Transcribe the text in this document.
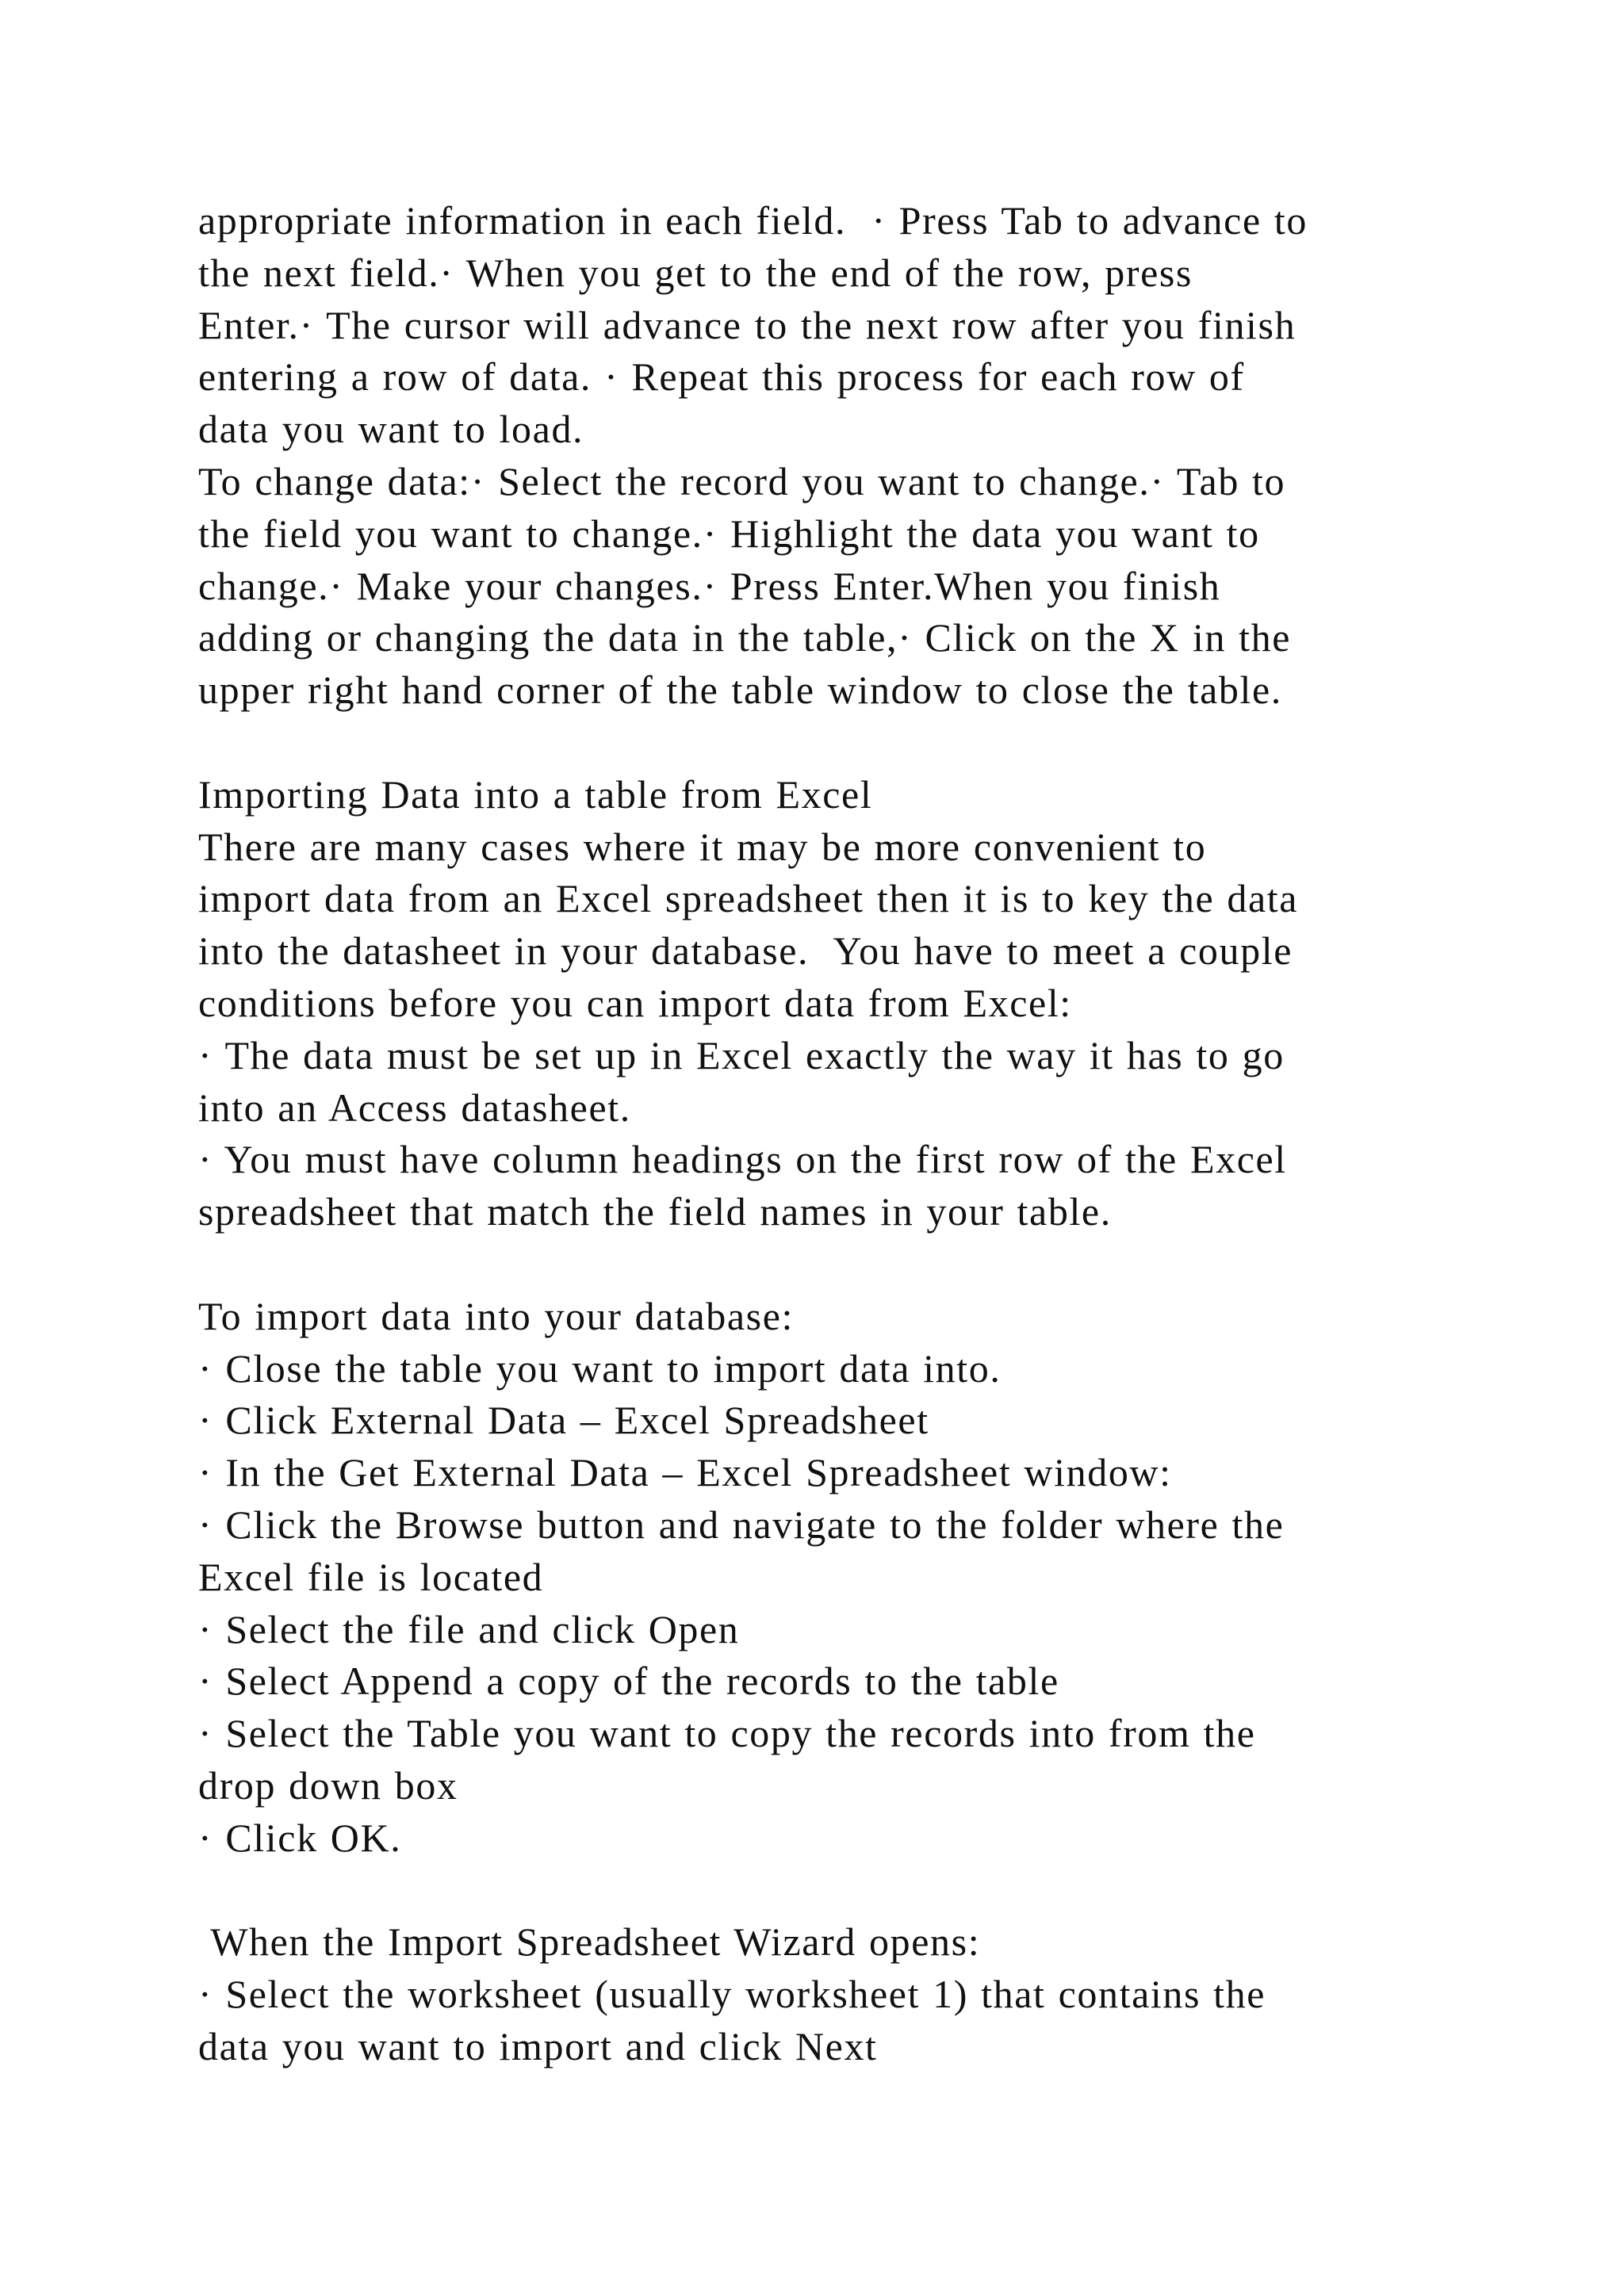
appropriate information in each field.  · Press Tab to advance to
the next field.· When you get to the end of the row, press
Enter.· The cursor will advance to the next row after you finish
entering a row of data. · Repeat this process for each row of
data you want to load.
To change data:· Select the record you want to change.· Tab to
the field you want to change.· Highlight the data you want to
change.· Make your changes.· Press Enter.When you finish
adding or changing the data in the table,· Click on the X in the
upper right hand corner of the table window to close the table.
Importing Data into a table from Excel
There are many cases where it may be more convenient to
import data from an Excel spreadsheet then it is to key the data
into the datasheet in your database.  You have to meet a couple
conditions before you can import data from Excel:
· The data must be set up in Excel exactly the way it has to go
into an Access datasheet.
· You must have column headings on the first row of the Excel
spreadsheet that match the field names in your table.
To import data into your database:
· Close the table you want to import data into.
· Click External Data – Excel Spreadsheet
· In the Get External Data – Excel Spreadsheet window:
· Click the Browse button and navigate to the folder where the
Excel file is located
· Select the file and click Open
· Select Append a copy of the records to the table
· Select the Table you want to copy the records into from the
drop down box
· Click OK.
When the Import Spreadsheet Wizard opens:
· Select the worksheet (usually worksheet 1) that contains the
data you want to import and click Next
